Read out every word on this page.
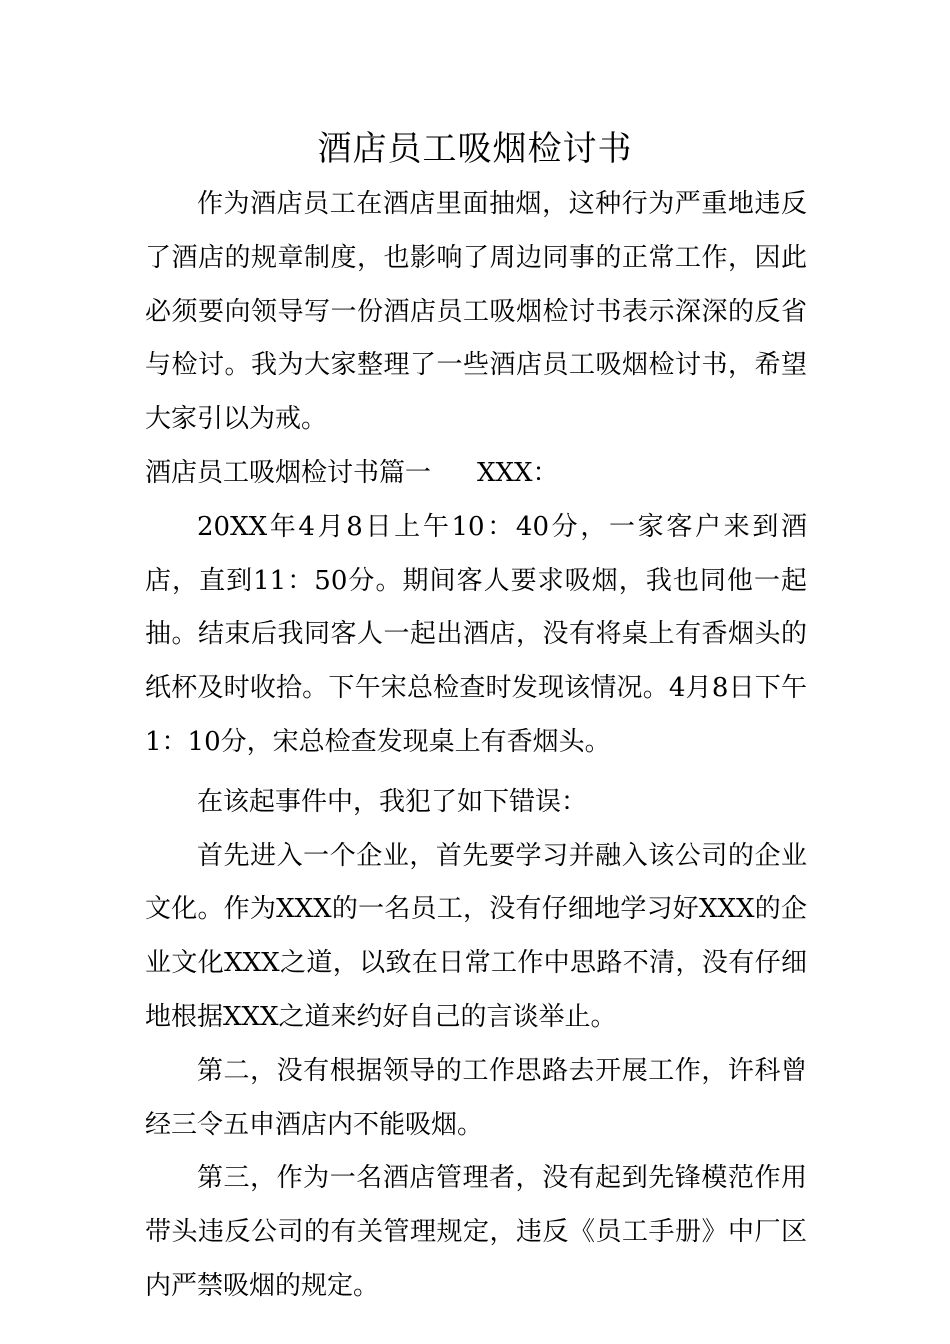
酒店员工吸烟检讨书

作为酒店员工在酒店里面抽烟，这种行为严重地违反了酒店的规章制度，也影响了周边同事的正常工作，因此必须要向领导写一份酒店员工吸烟检讨书表示深深的反省与检讨。我为大家整理了一些酒店员工吸烟检讨书，希望大家引以为戒。

酒店员工吸烟检讨书篇一 XXX：

20XX年4月8日上午10：40分，一家客户来到酒店，直到11：50分。期间客人要求吸烟，我也同他一起抽。结束后我同客人一起出酒店，没有将桌上有香烟头的纸杯及时收拾。下午宋总检查时发现该情况。4月8日下午1：10分，宋总检查发现桌上有香烟头。

在该起事件中，我犯了如下错误：

首先进入一个企业，首先要学习并融入该公司的企业文化。作为XXX的一名员工，没有仔细地学习好XXX的企业文化XXX之道，以致在日常工作中思路不清，没有仔细地根据XXX之道来约好自己的言谈举止。

第二，没有根据领导的工作思路去开展工作，许科曾经三令五申酒店内不能吸烟。

第三，作为一名酒店管理者，没有起到先锋模范作用带头违反公司的有关管理规定，违反《员工手册》中厂区内严禁吸烟的规定。
